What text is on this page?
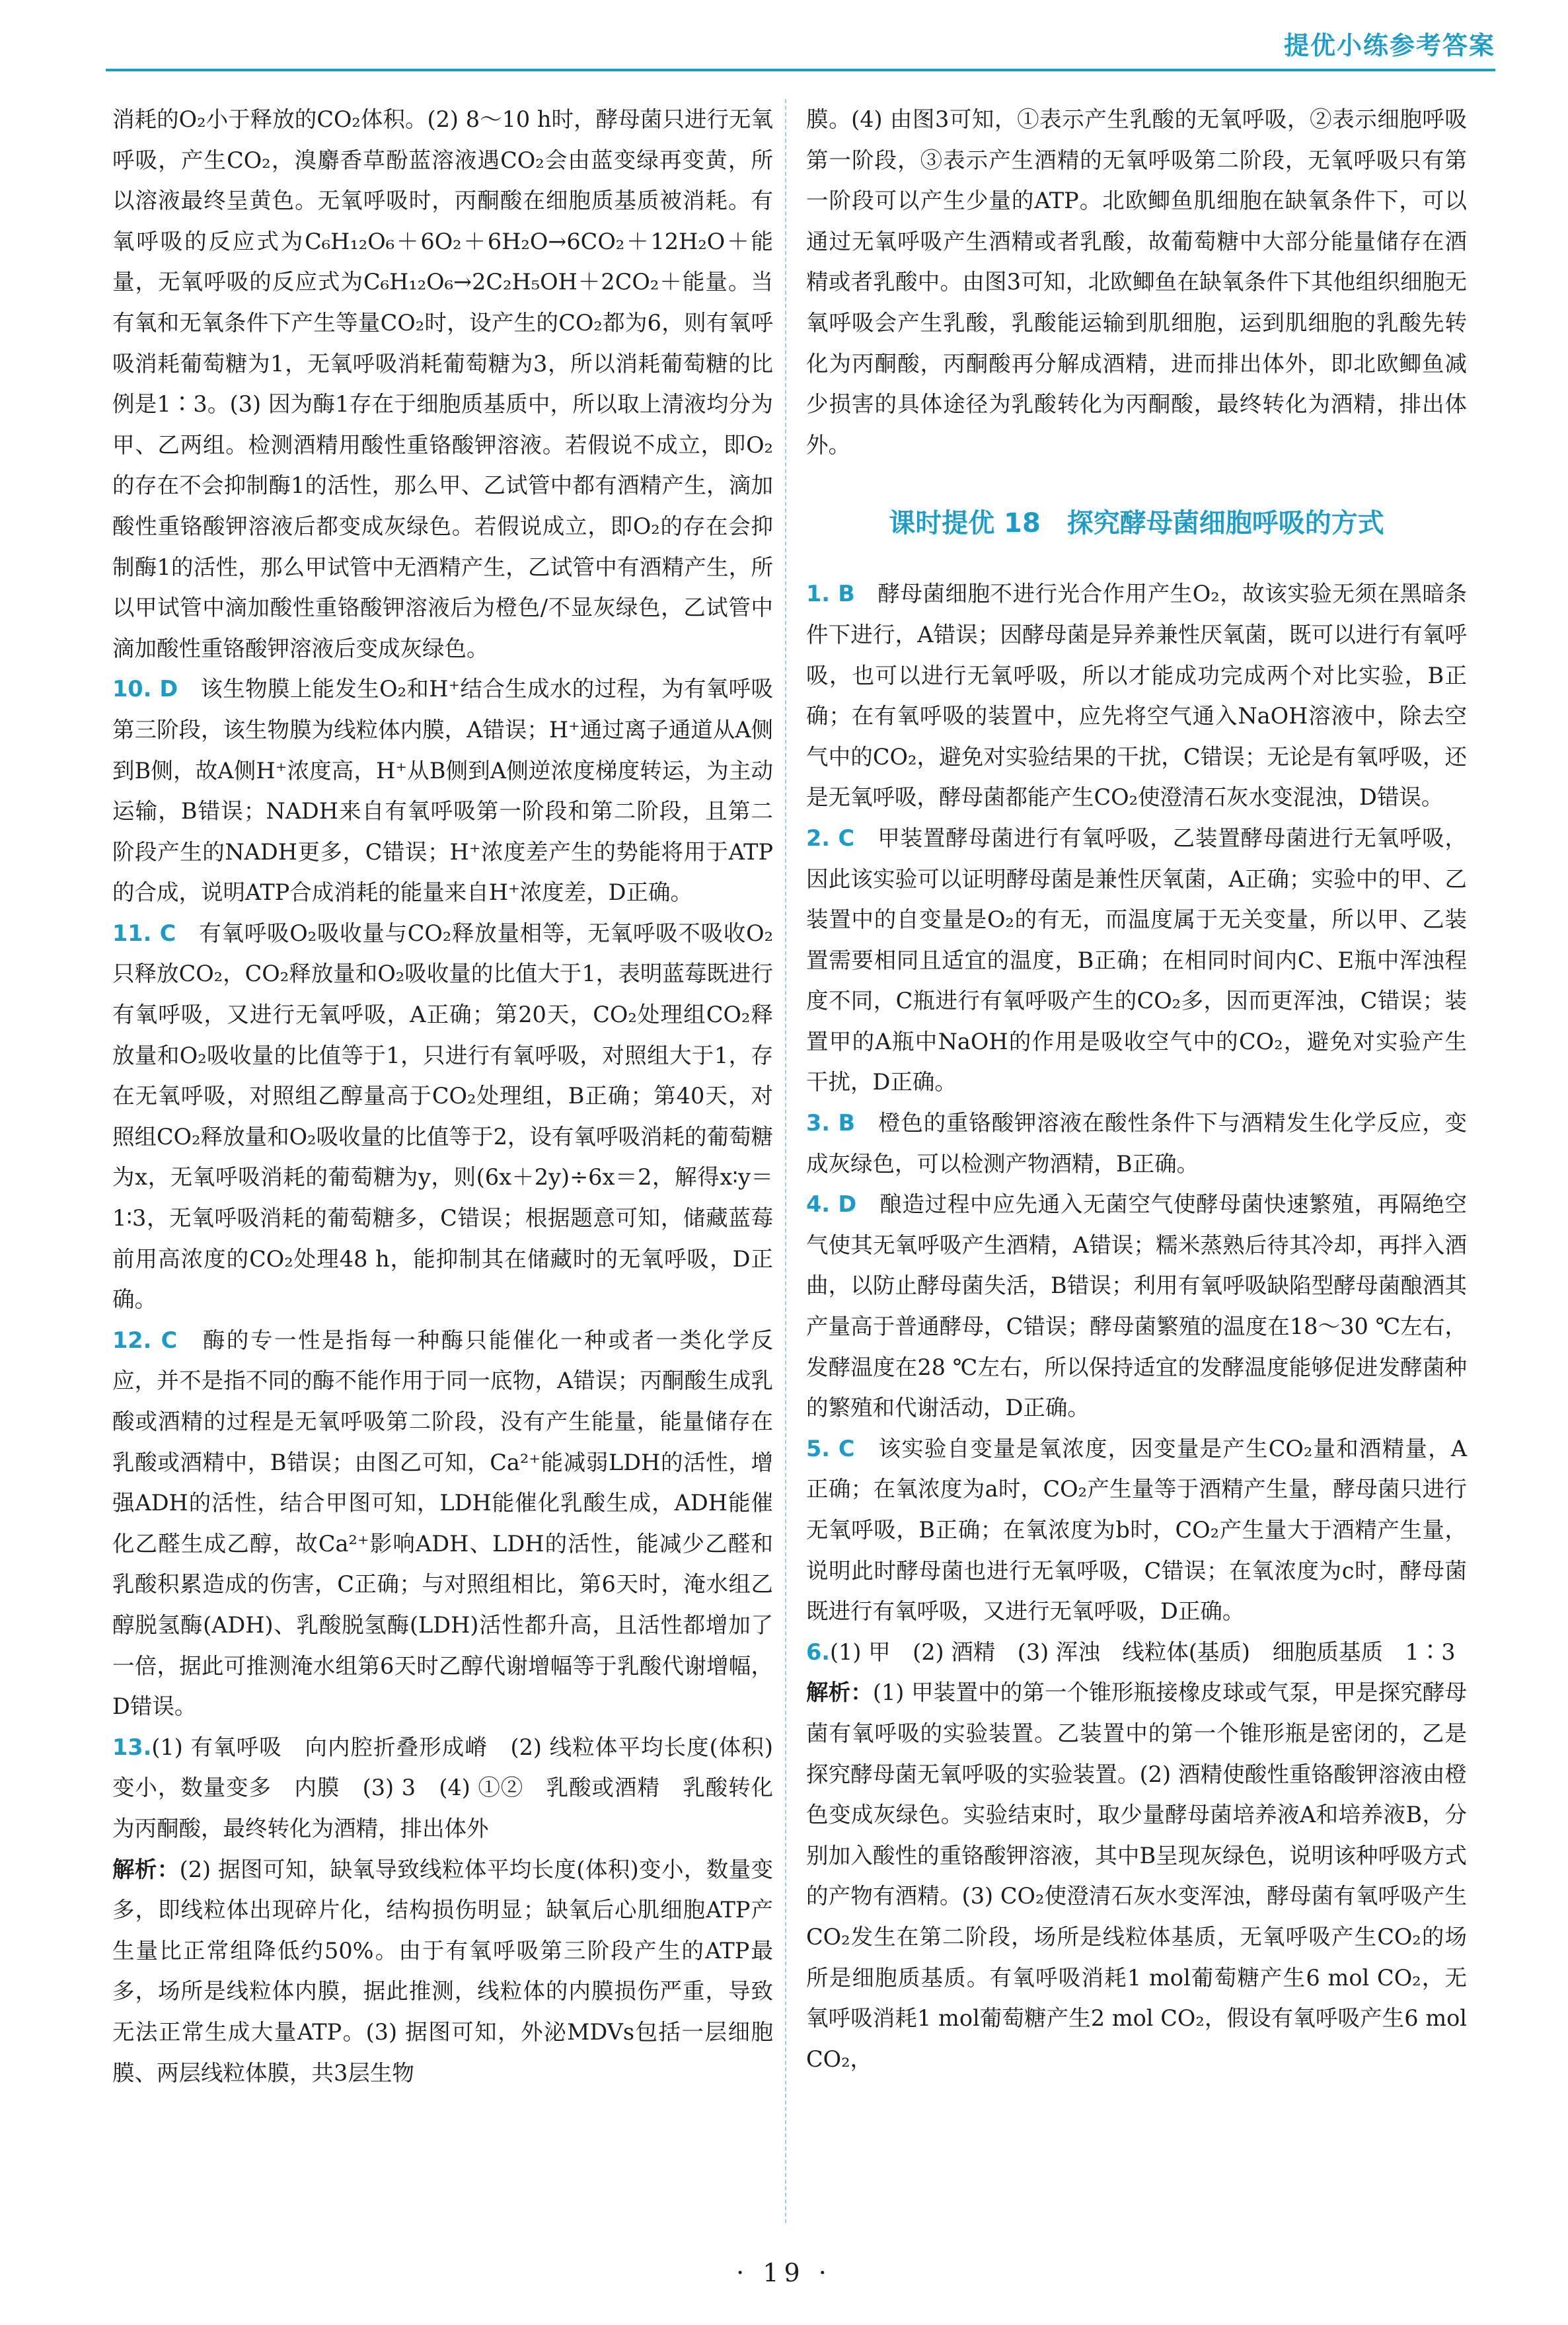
提优小练参考答案

消耗的O₂小于释放的CO₂体积。(2) 8～10 h时，酵母菌只进行无氧呼吸，产生CO₂，溴麝香草酚蓝溶液遇CO₂会由蓝变绿再变黄，所以溶液最终呈黄色。无氧呼吸时，丙酮酸在细胞质基质被消耗。有氧呼吸的反应式为C₆H₁₂O₆＋6O₂＋6H₂O→6CO₂＋12H₂O＋能量，无氧呼吸的反应式为C₆H₁₂O₆→2C₂H₅OH＋2CO₂＋能量。当有氧和无氧条件下产生等量CO₂时，设产生的CO₂都为6，则有氧呼吸消耗葡萄糖为1，无氧呼吸消耗葡萄糖为3，所以消耗葡萄糖的比例是1∶3。(3) 因为酶1存在于细胞质基质中，所以取上清液均分为甲、乙两组。检测酒精用酸性重铬酸钾溶液。若假说不成立，即O₂的存在不会抑制酶1的活性，那么甲、乙试管中都有酒精产生，滴加酸性重铬酸钾溶液后都变成灰绿色。若假说成立，即O₂的存在会抑制酶1的活性，那么甲试管中无酒精产生，乙试管中有酒精产生，所以甲试管中滴加酸性重铬酸钾溶液后为橙色/不显灰绿色，乙试管中滴加酸性重铬酸钾溶液后变成灰绿色。

10. D　 该生物膜上能发生O₂和H⁺结合生成水的过程，为有氧呼吸第三阶段，该生物膜为线粒体内膜，A错误；H⁺通过离子通道从A侧到B侧，故A侧H⁺浓度高，H⁺从B侧到A侧逆浓度梯度转运，为主动运输，B错误；NADH来自有氧呼吸第一阶段和第二阶段，且第二阶段产生的NADH更多，C错误；H⁺浓度差产生的势能将用于ATP的合成，说明ATP合成消耗的能量来自H⁺浓度差，D正确。

11. C　 有氧呼吸O₂吸收量与CO₂释放量相等，无氧呼吸不吸收O₂只释放CO₂，CO₂释放量和O₂吸收量的比值大于1，表明蓝莓既进行有氧呼吸，又进行无氧呼吸，A正确；第20天，CO₂处理组CO₂释放量和O₂吸收量的比值等于1，只进行有氧呼吸，对照组大于1，存在无氧呼吸，对照组乙醇量高于CO₂处理组，B正确；第40天，对照组CO₂释放量和O₂吸收量的比值等于2，设有氧呼吸消耗的葡萄糖为x，无氧呼吸消耗的葡萄糖为y，则(6x＋2y)÷6x＝2，解得x∶y＝1∶3，无氧呼吸消耗的葡萄糖多，C错误；根据题意可知，储藏蓝莓前用高浓度的CO₂处理48 h，能抑制其在储藏时的无氧呼吸，D正确。

12. C　 酶的专一性是指每一种酶只能催化一种或者一类化学反应，并不是指不同的酶不能作用于同一底物，A错误；丙酮酸生成乳酸或酒精的过程是无氧呼吸第二阶段，没有产生能量，能量储存在乳酸或酒精中，B错误；由图乙可知，Ca²⁺能减弱LDH的活性，增强ADH的活性，结合甲图可知，LDH能催化乳酸生成，ADH能催化乙醛生成乙醇，故Ca²⁺影响ADH、LDH的活性，能减少乙醛和乳酸积累造成的伤害，C正确；与对照组相比，第6天时，淹水组乙醇脱氢酶(ADH)、乳酸脱氢酶(LDH)活性都升高，且活性都增加了一倍，据此可推测淹水组第6天时乙醇代谢增幅等于乳酸代谢增幅，D错误。

13.(1) 有氧呼吸　向内腔折叠形成嵴　(2) 线粒体平均长度(体积)变小，数量变多　内膜　(3) 3　(4) ①②　乳酸或酒精　乳酸转化为丙酮酸，最终转化为酒精，排出体外

解析：(2) 据图可知，缺氧导致线粒体平均长度(体积)变小，数量变多，即线粒体出现碎片化，结构损伤明显；缺氧后心肌细胞ATP产生量比正常组降低约50%。由于有氧呼吸第三阶段产生的ATP最多，场所是线粒体内膜，据此推测，线粒体的内膜损伤严重，导致无法正常生成大量ATP。(3) 据图可知，外泌MDVs包括一层细胞膜、两层线粒体膜，共3层生物

膜。(4) 由图3可知，①表示产生乳酸的无氧呼吸，②表示细胞呼吸第一阶段，③表示产生酒精的无氧呼吸第二阶段，无氧呼吸只有第一阶段可以产生少量的ATP。北欧鲫鱼肌细胞在缺氧条件下，可以通过无氧呼吸产生酒精或者乳酸，故葡萄糖中大部分能量储存在酒精或者乳酸中。由图3可知，北欧鲫鱼在缺氧条件下其他组织细胞无氧呼吸会产生乳酸，乳酸能运输到肌细胞，运到肌细胞的乳酸先转化为丙酮酸，丙酮酸再分解成酒精，进而排出体外，即北欧鲫鱼减少损害的具体途径为乳酸转化为丙酮酸，最终转化为酒精，排出体外。

课时提优 18　探究酵母菌细胞呼吸的方式

1. B　 酵母菌细胞不进行光合作用产生O₂，故该实验无须在黑暗条件下进行，A错误；因酵母菌是异养兼性厌氧菌，既可以进行有氧呼吸，也可以进行无氧呼吸，所以才能成功完成两个对比实验，B正确；在有氧呼吸的装置中，应先将空气通入NaOH溶液中，除去空气中的CO₂，避免对实验结果的干扰，C错误；无论是有氧呼吸，还是无氧呼吸，酵母菌都能产生CO₂使澄清石灰水变混浊，D错误。

2. C　 甲装置酵母菌进行有氧呼吸，乙装置酵母菌进行无氧呼吸，因此该实验可以证明酵母菌是兼性厌氧菌，A正确；实验中的甲、乙装置中的自变量是O₂的有无，而温度属于无关变量，所以甲、乙装置需要相同且适宜的温度，B正确；在相同时间内C、E瓶中浑浊程度不同，C瓶进行有氧呼吸产生的CO₂多，因而更浑浊，C错误；装置甲的A瓶中NaOH的作用是吸收空气中的CO₂，避免对实验产生干扰，D正确。

3. B　 橙色的重铬酸钾溶液在酸性条件下与酒精发生化学反应，变成灰绿色，可以检测产物酒精，B正确。

4. D　 酿造过程中应先通入无菌空气使酵母菌快速繁殖，再隔绝空气使其无氧呼吸产生酒精，A错误；糯米蒸熟后待其冷却，再拌入酒曲，以防止酵母菌失活，B错误；利用有氧呼吸缺陷型酵母菌酿酒其产量高于普通酵母，C错误；酵母菌繁殖的温度在18～30 ℃左右，发酵温度在28 ℃左右，所以保持适宜的发酵温度能够促进发酵菌种的繁殖和代谢活动，D正确。

5. C　 该实验自变量是氧浓度，因变量是产生CO₂量和酒精量，A正确；在氧浓度为a时，CO₂产生量等于酒精产生量，酵母菌只进行无氧呼吸，B正确；在氧浓度为b时，CO₂产生量大于酒精产生量，说明此时酵母菌也进行无氧呼吸，C错误；在氧浓度为c时，酵母菌既进行有氧呼吸，又进行无氧呼吸，D正确。

6.(1) 甲　(2) 酒精　(3) 浑浊　线粒体(基质)　细胞质基质　1∶3

解析：(1) 甲装置中的第一个锥形瓶接橡皮球或气泵，甲是探究酵母菌有氧呼吸的实验装置。乙装置中的第一个锥形瓶是密闭的，乙是探究酵母菌无氧呼吸的实验装置。(2) 酒精使酸性重铬酸钾溶液由橙色变成灰绿色。实验结束时，取少量酵母菌培养液A和培养液B，分别加入酸性的重铬酸钾溶液，其中B呈现灰绿色，说明该种呼吸方式的产物有酒精。(3) CO₂使澄清石灰水变浑浊，酵母菌有氧呼吸产生CO₂发生在第二阶段，场所是线粒体基质，无氧呼吸产生CO₂的场所是细胞质基质。有氧呼吸消耗1 mol葡萄糖产生6 mol CO₂，无氧呼吸消耗1 mol葡萄糖产生2 mol CO₂，假设有氧呼吸产生6 mol CO₂，

· 19 ·
